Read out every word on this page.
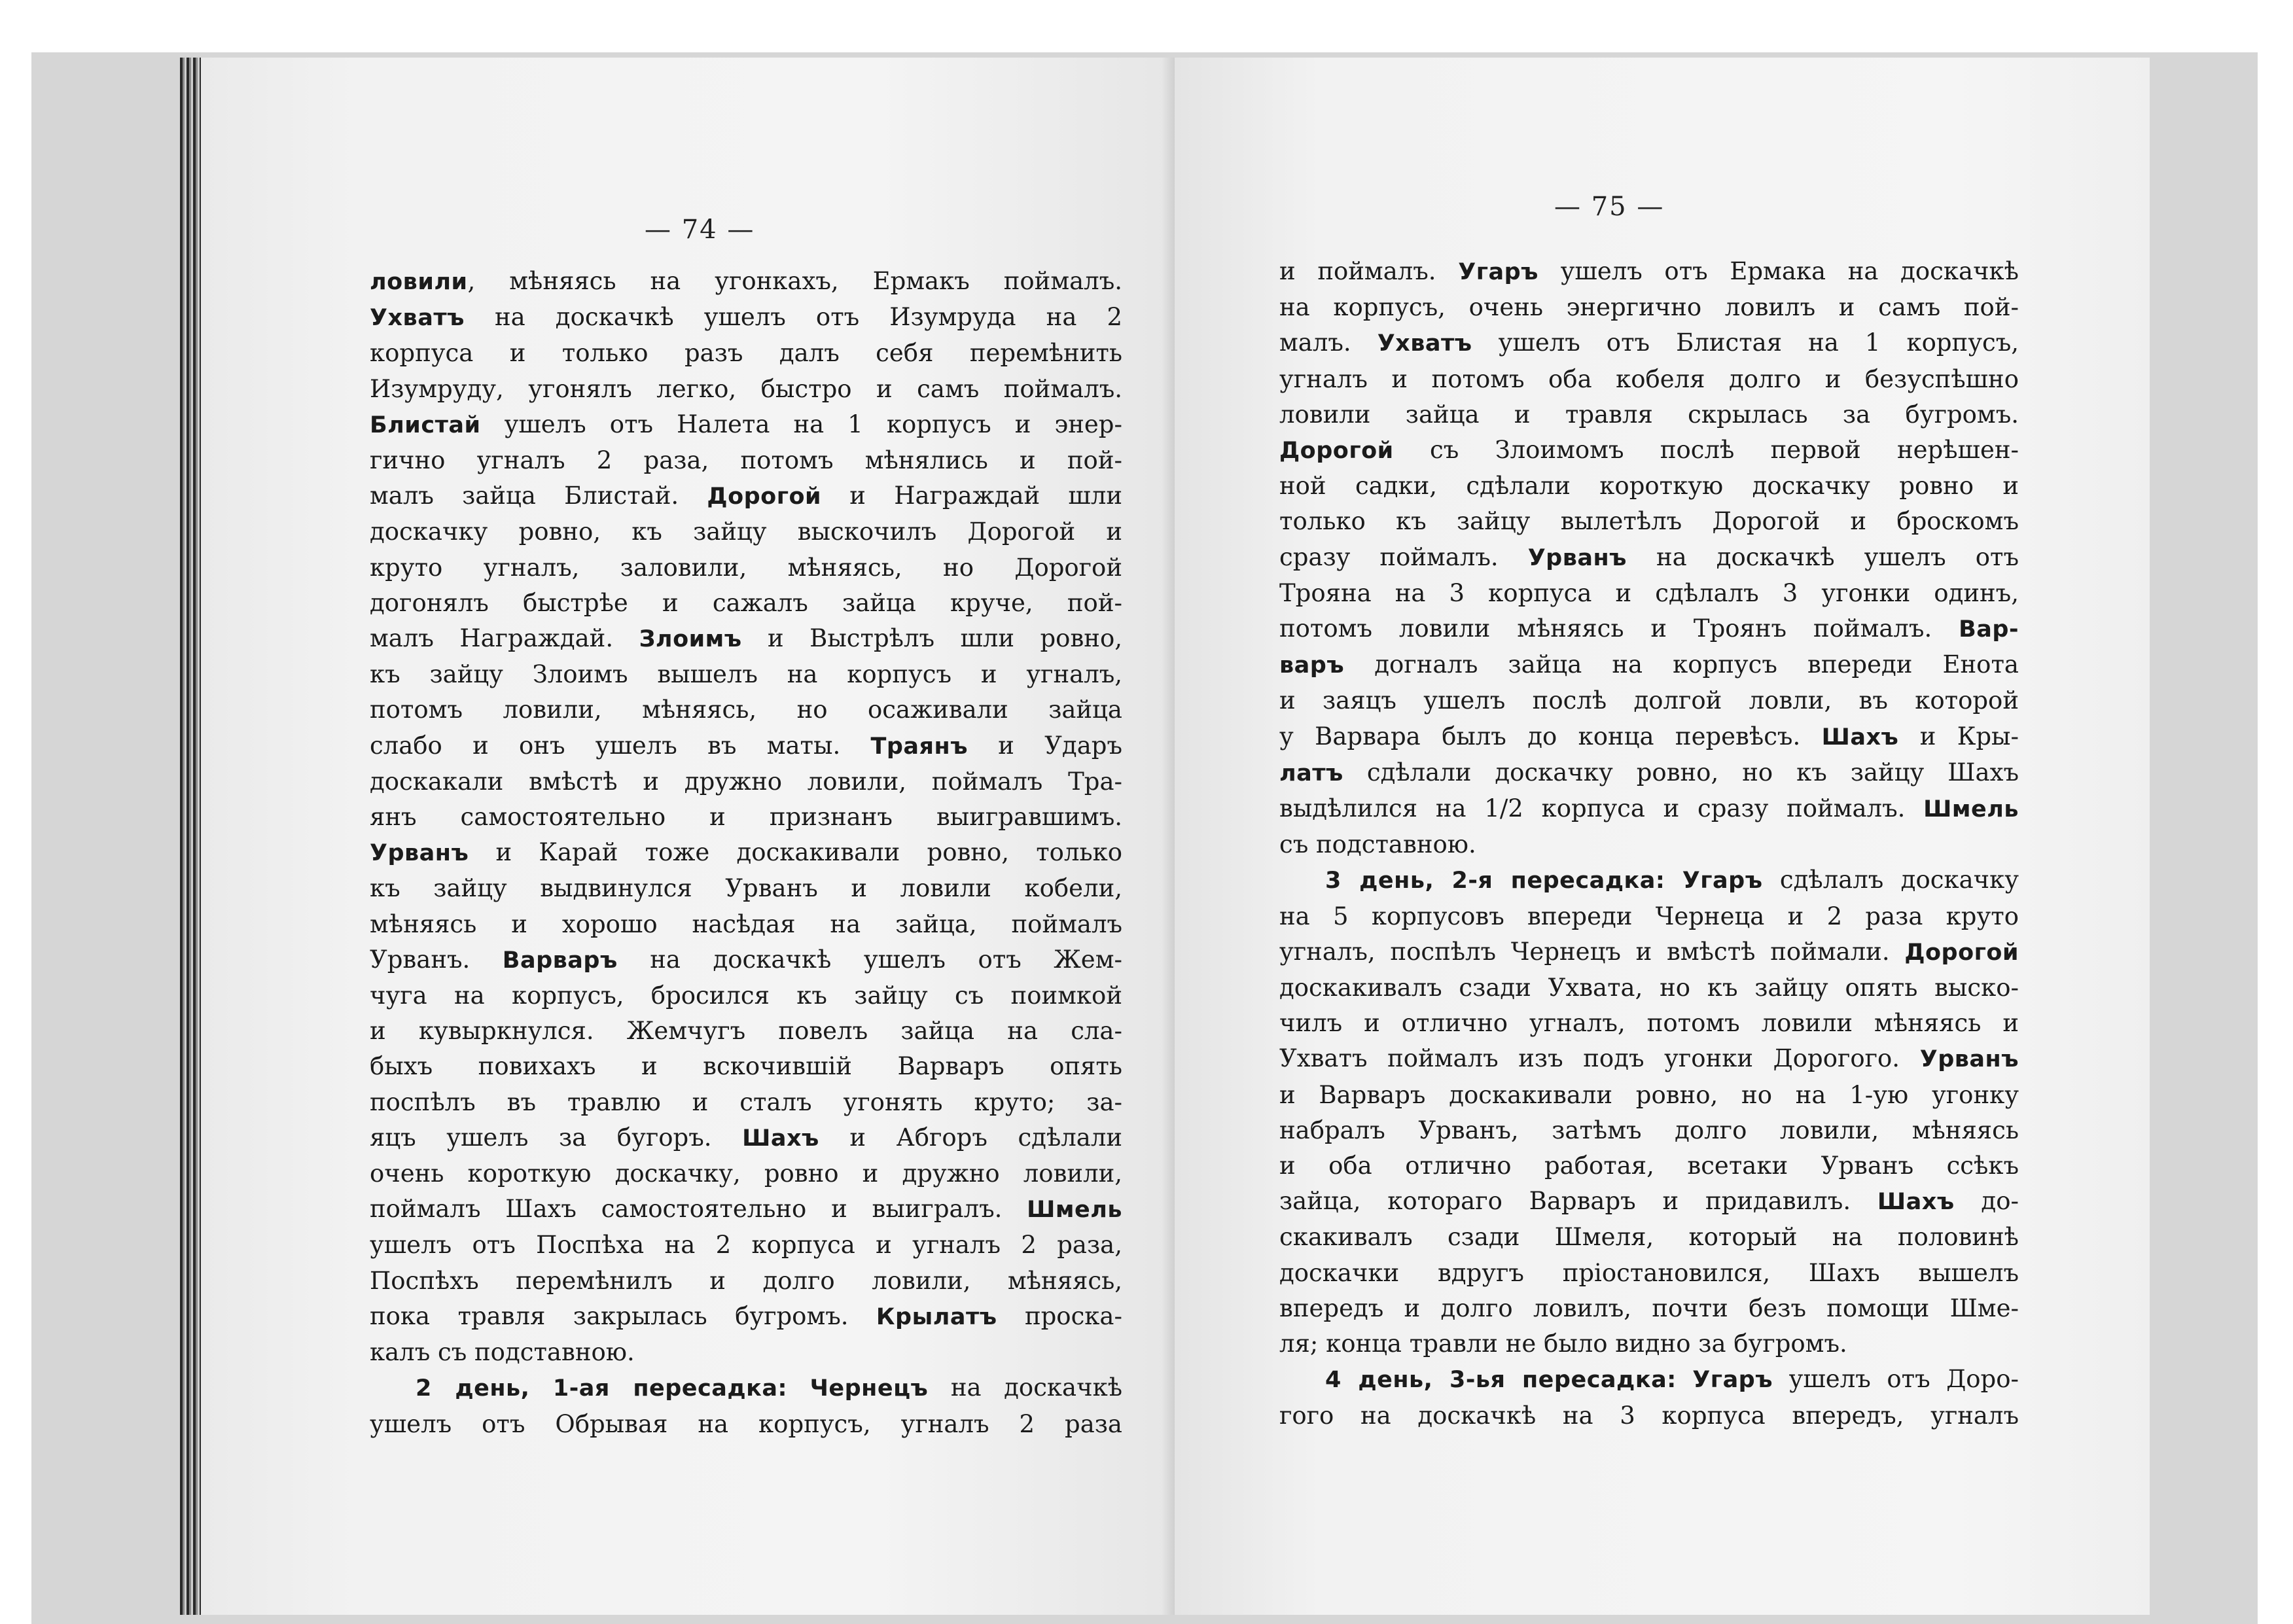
— 74 —
ловили, мѣняясь на угонкахъ, Ермакъ поймалъ.
Ухватъ на доскачкѣ ушелъ отъ Изумруда на 2
корпуса и только разъ далъ себя перемѣнить
Изумруду, угонялъ легко, быстро и самъ поймалъ.
Блистай ушелъ отъ Налета на 1 корпусъ и энер-
гично угналъ 2 раза, потомъ мѣнялись и пой-
малъ зайца Блистай. Дорогой и Награждай шли
доскачку ровно, къ зайцу выскочилъ Дорогой и
круто угналъ, заловили, мѣняясь, но Дорогой
догонялъ быстрѣе и сажалъ зайца круче, пой-
малъ Награждай. Злоимъ и Выстрѣлъ шли ровно,
къ зайцу Злоимъ вышелъ на корпусъ и угналъ,
потомъ ловили, мѣняясь, но осаживали зайца
слабо и онъ ушелъ въ маты. Траянъ и Ударъ
доскакали вмѣстѣ и дружно ловили, поймалъ Тра-
янъ самостоятельно и признанъ выигравшимъ.
Урванъ и Карай тоже доскакивали ровно, только
къ зайцу выдвинулся Урванъ и ловили кобели,
мѣняясь и хорошо насѣдая на зайца, поймалъ
Урванъ. Варваръ на доскачкѣ ушелъ отъ Жем-
чуга на корпусъ, бросился къ зайцу съ поимкой
и кувыркнулся. Жемчугъ повелъ зайца на сла-
быхъ повихахъ и вскочившій Варваръ опять
поспѣлъ въ травлю и сталъ угонять круто; за-
яцъ ушелъ за бугоръ. Шахъ и Абгоръ сдѣлали
очень короткую доскачку, ровно и дружно ловили,
поймалъ Шахъ самостоятельно и выигралъ. Шмель
ушелъ отъ Поспѣха на 2 корпуса и угналъ 2 раза,
Поспѣхъ перемѣнилъ и долго ловили, мѣняясь,
пока травля закрылась бугромъ. Крылатъ проска-
калъ съ подставною.
2 день, 1-ая пересадка: Чернецъ на доскачкѣ
ушелъ отъ Обрывая на корпусъ, угналъ 2 раза
— 75 —
и поймалъ. Угаръ ушелъ отъ Ермака на доскачкѣ
на корпусъ, очень энергично ловилъ и самъ пой-
малъ. Ухватъ ушелъ отъ Блистая на 1 корпусъ,
угналъ и потомъ оба кобеля долго и безуспѣшно
ловили зайца и травля скрылась за бугромъ.
Дорогой съ Злоимомъ послѣ первой нерѣшен-
ной садки, сдѣлали короткую доскачку ровно и
только къ зайцу вылетѣлъ Дорогой и броскомъ
сразу поймалъ. Урванъ на доскачкѣ ушелъ отъ
Трояна на 3 корпуса и сдѣлалъ 3 угонки одинъ,
потомъ ловили мѣняясь и Троянъ поймалъ. Вар-
варъ догналъ зайца на корпусъ впереди Енота
и заяцъ ушелъ послѣ долгой ловли, въ которой
у Варвара былъ до конца перевѣсъ. Шахъ и Кры-
латъ сдѣлали доскачку ровно, но къ зайцу Шахъ
выдѣлился на 1/2 корпуса и сразу поймалъ. Шмель
съ подставною.
3 день, 2-я пересадка: Угаръ сдѣлалъ доскачку
на 5 корпусовъ впереди Чернеца и 2 раза круто
угналъ, поспѣлъ Чернецъ и вмѣстѣ поймали. Дорогой
доскакивалъ сзади Ухвата, но къ зайцу опять выско-
чилъ и отлично угналъ, потомъ ловили мѣняясь и
Ухватъ поймалъ изъ подъ угонки Дорогого. Урванъ
и Варваръ доскакивали ровно, но на 1-ую угонку
набралъ Урванъ, затѣмъ долго ловили, мѣняясь
и оба отлично работая, всетаки Урванъ ссѣкъ
зайца, котораго Варваръ и придавилъ. Шахъ до-
скакивалъ сзади Шмеля, который на половинѣ
доскачки вдругъ пріостановился, Шахъ вышелъ
впередъ и долго ловилъ, почти безъ помощи Шме-
ля; конца травли не было видно за бугромъ.
4 день, 3-ья пересадка: Угаръ ушелъ отъ Доро-
гого на доскачкѣ на 3 корпуса впередъ, угналъ
